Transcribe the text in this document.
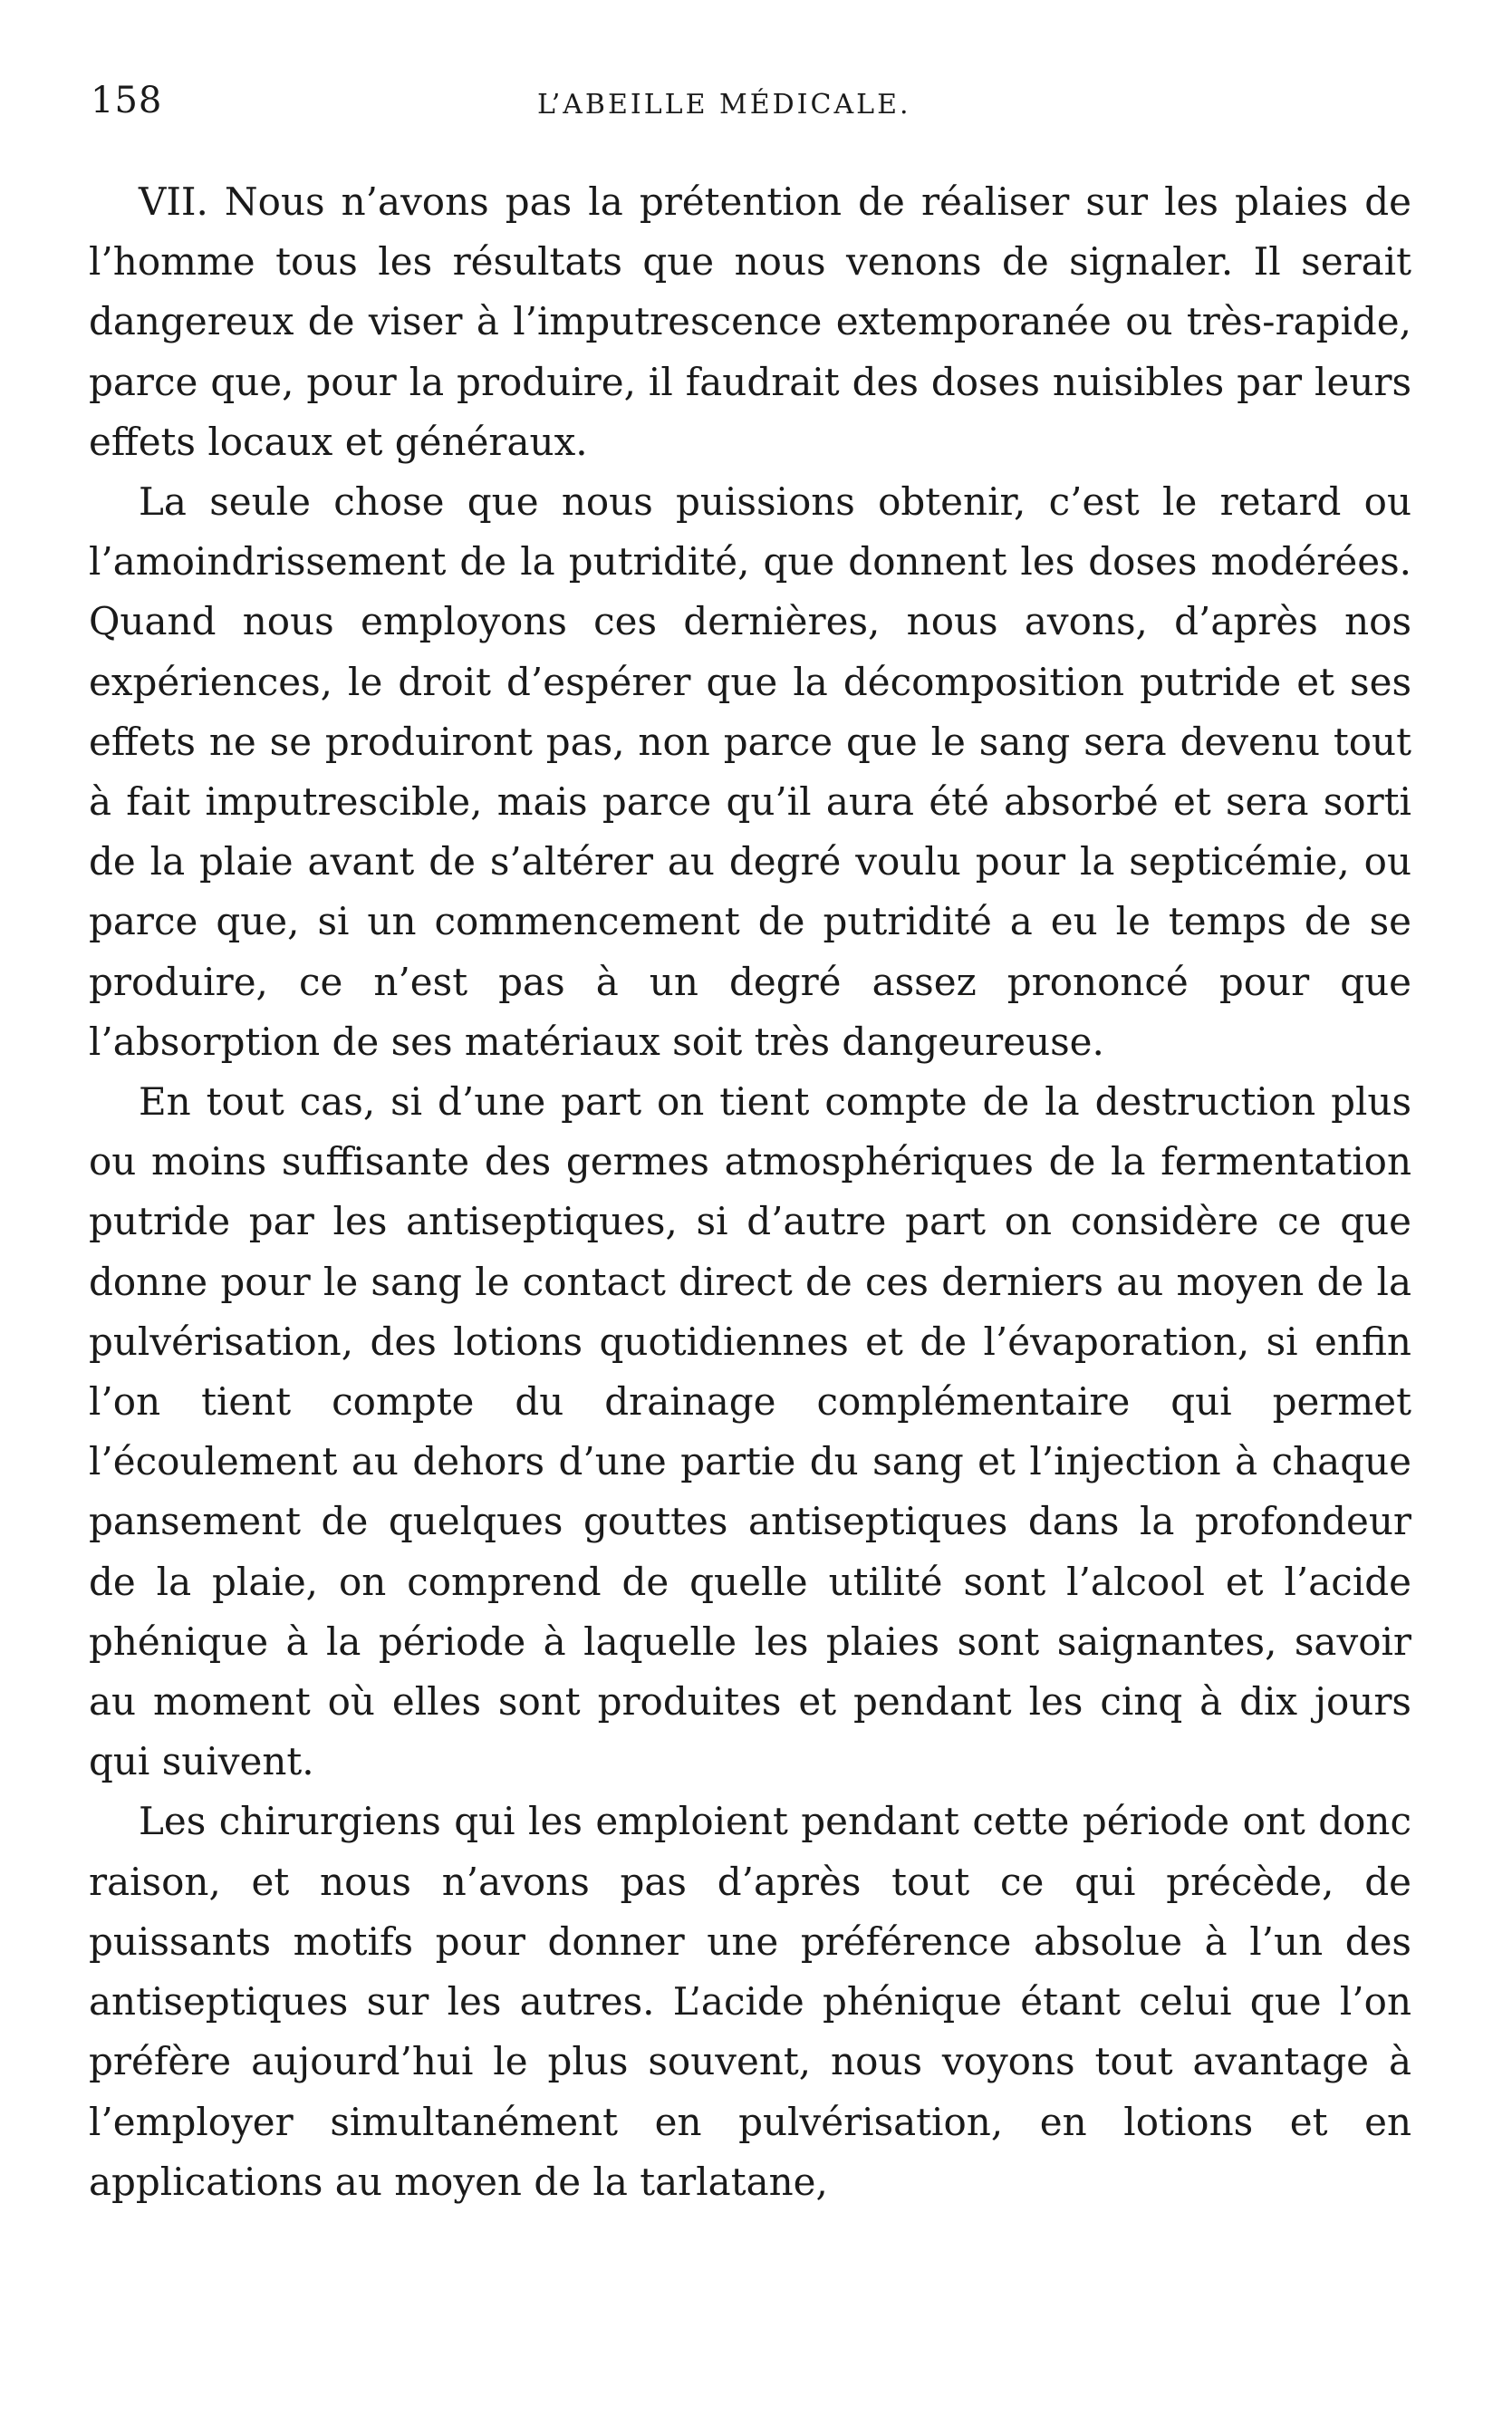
158	L’ABEILLE MÉDICALE.

VII. Nous n’avons pas la prétention de réaliser sur les plaies de l’homme tous les résultats que nous venons de signaler. Il serait dangereux de viser à l’imputrescence extemporanée ou très-rapide, parce que, pour la produire, il faudrait des doses nuisibles par leurs effets locaux et généraux.

La seule chose que nous puissions obtenir, c’est le retard ou l’amoindrissement de la putridité, que donnent les doses modérées. Quand nous employons ces dernières, nous avons, d’après nos expériences, le droit d’espérer que la décomposition putride et ses effets ne se produiront pas, non parce que le sang sera devenu tout à fait imputrescible, mais parce qu’il aura été absorbé et sera sorti de la plaie avant de s’altérer au degré voulu pour la septicémie, ou parce que, si un commencement de putridité a eu le temps de se produire, ce n’est pas à un degré assez prononcé pour que l’absorption de ses matériaux soit très dangeureuse.

En tout cas, si d’une part on tient compte de la destruction plus ou moins suffisante des germes atmosphériques de la fermentation putride par les antiseptiques, si d’autre part on considère ce que donne pour le sang le contact direct de ces derniers au moyen de la pulvérisation, des lotions quotidiennes et de l’évaporation, si enfin l’on tient compte du drainage complémentaire qui permet l’écoulement au dehors d’une partie du sang et l’injection à chaque pansement de quelques gouttes antiseptiques dans la profondeur de la plaie, on comprend de quelle utilité sont l’alcool et l’acide phénique à la période à laquelle les plaies sont saignantes, savoir au moment où elles sont produites et pendant les cinq à dix jours qui suivent.

Les chirurgiens qui les emploient pendant cette période ont donc raison, et nous n’avons pas d’après tout ce qui précède, de puissants motifs pour donner une préférence absolue à l’un des antiseptiques sur les autres. L’acide phénique étant celui que l’on préfère aujourd’hui le plus souvent, nous voyons tout avantage à l’employer simultanément en pulvérisation, en lotions et en applications au moyen de la tarlatane,
